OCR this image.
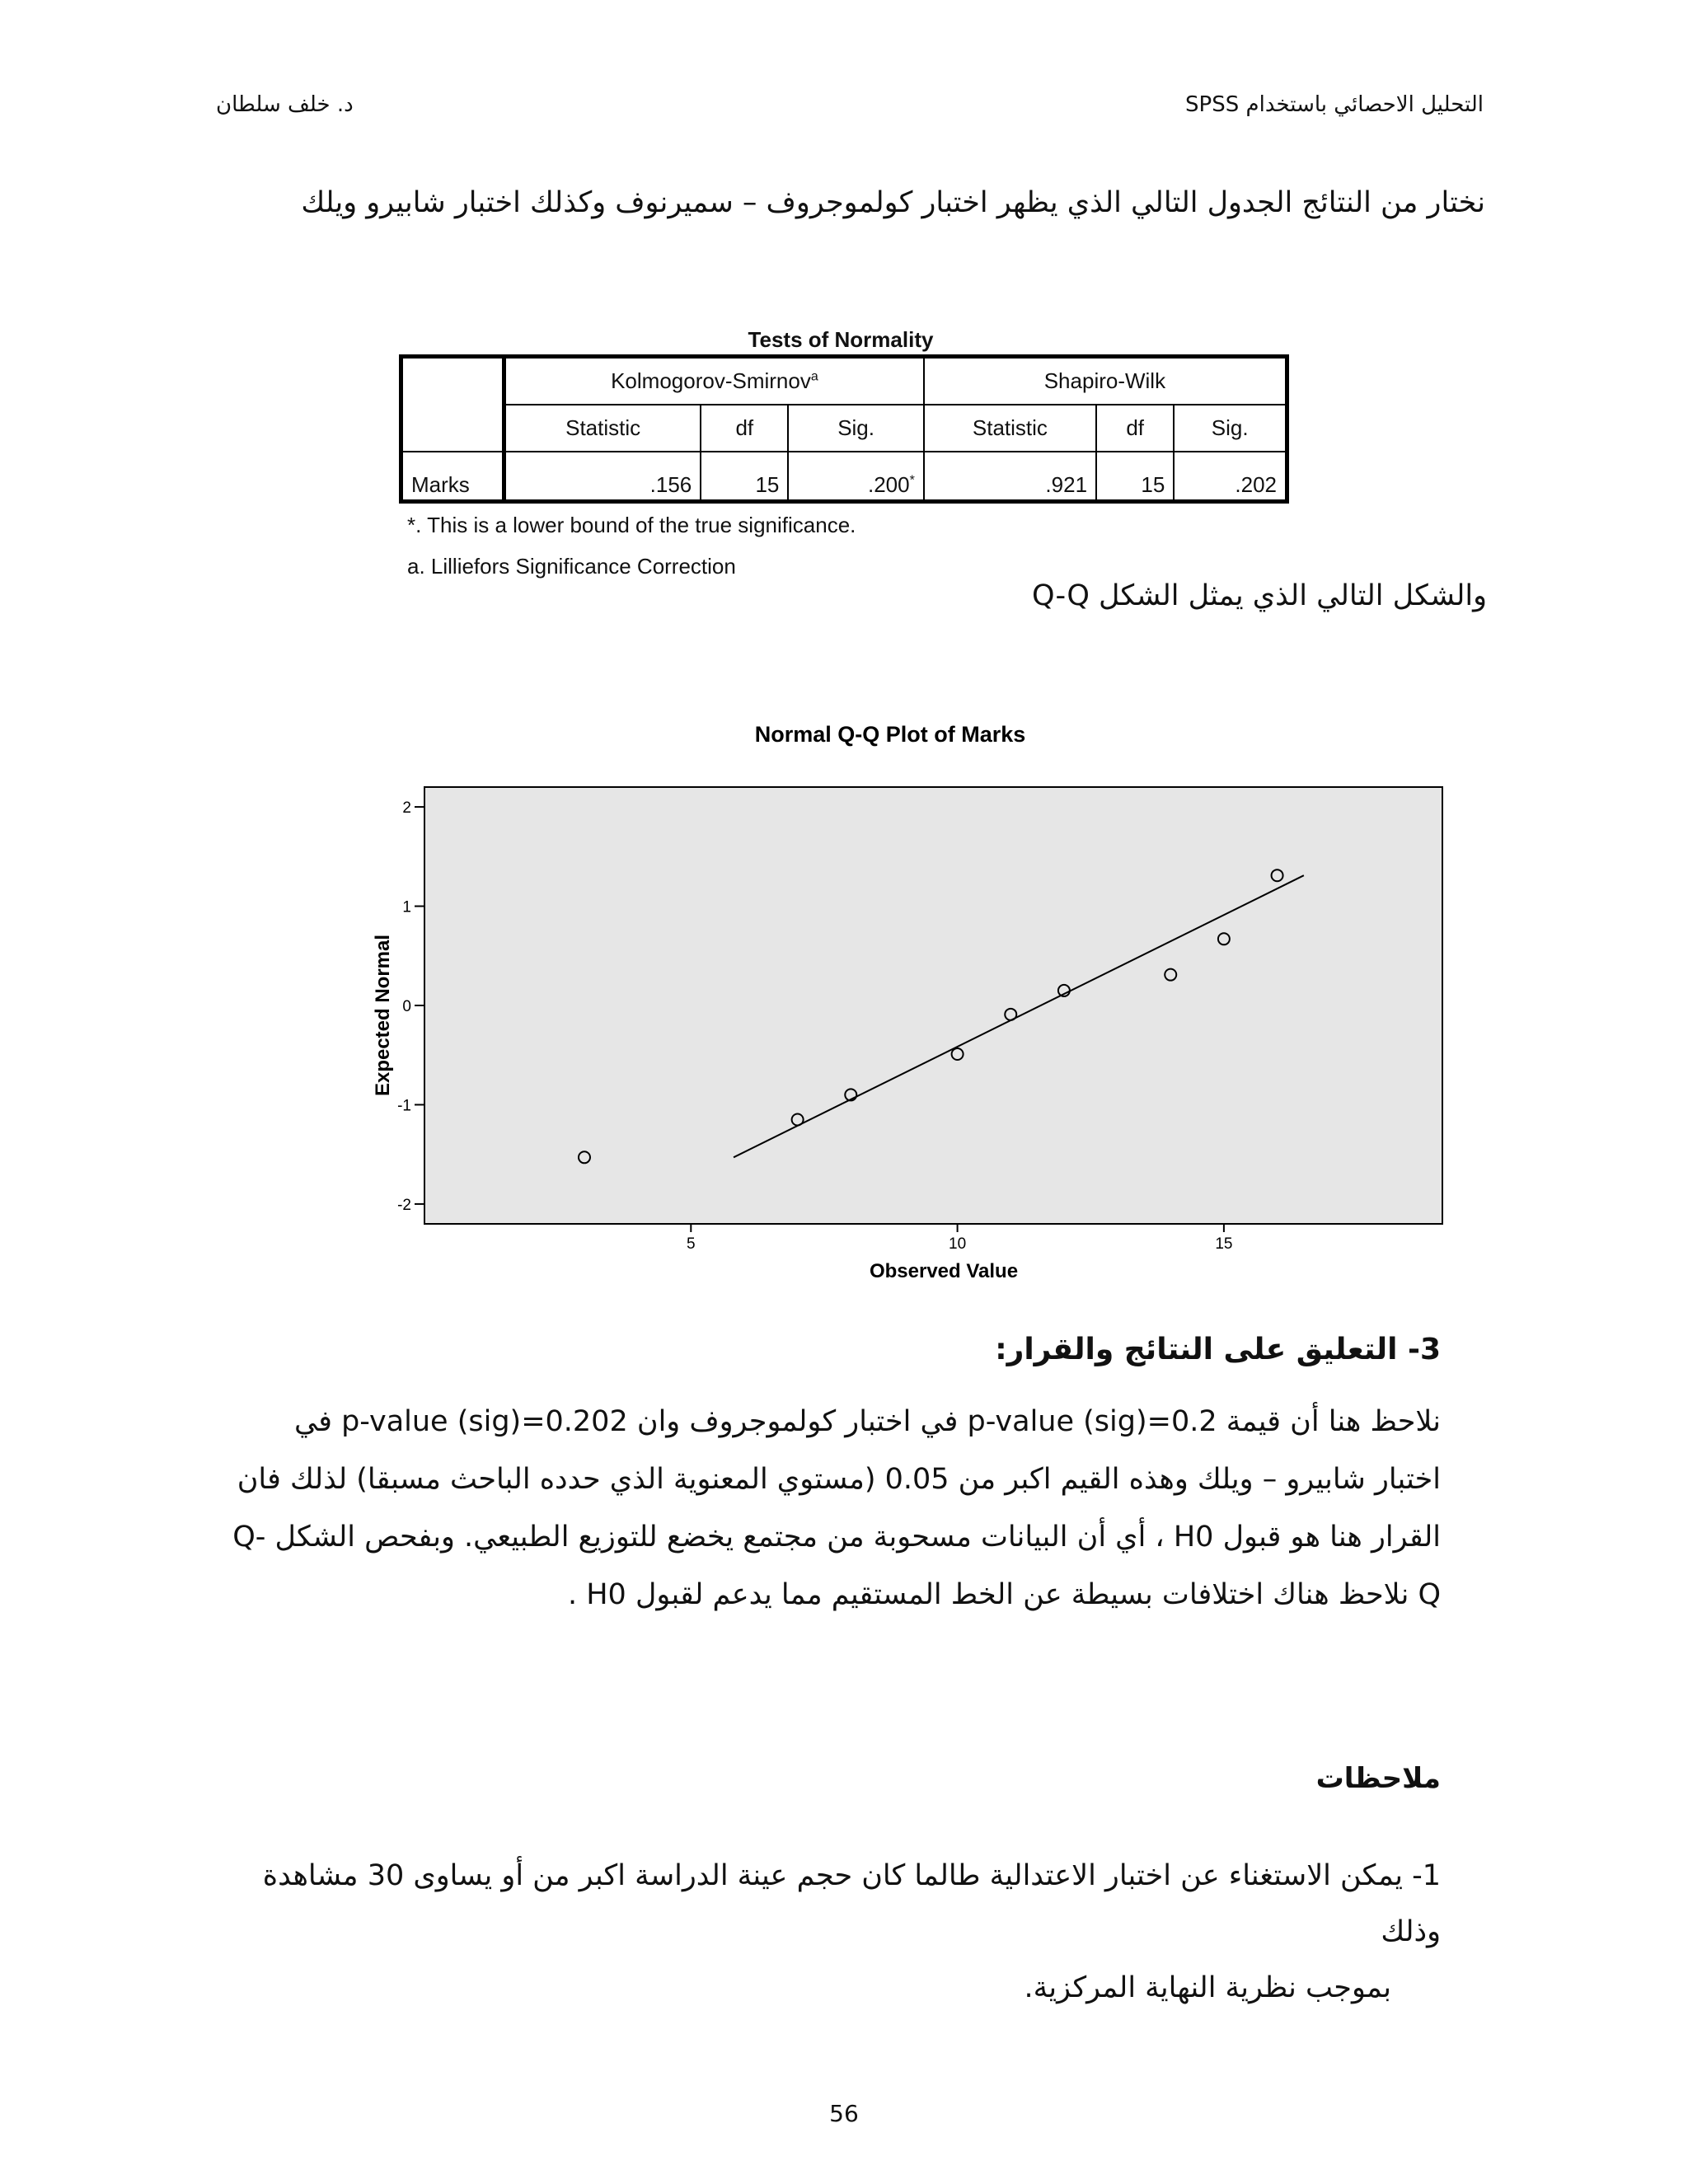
التحليل الاحصائي باستخدام SPSS
د. خلف سلطان
نختار من النتائج الجدول التالي الذي يظهر اختبار كولموجروف – سميرنوف وكذلك اختبار شابيرو ويلك
Tests of Normality
	Kolmogorov-Smirnov$^a$			Shapiro-Wilk		
	Statistic	df	Sig.	Statistic	df	Sig.
Marks	.156	15	.200*	.921	15	.202
*. This is a lower bound of the true significance.
a. Lilliefors Significance Correction
والشكل التالي الذي يمثل الشكل Q-Q
Normal Q-Q Plot of Marks
-2
-1
0
1
2
5	10	15
Observed Value
Expected Normal
3- التعليق على النتائج والقرار:
نلاحظ هنا أن قيمة p-value (sig)=0.2 في اختبار كولموجروف وان p-value (sig)=0.202 في
اختبار شابيرو – ويلك وهذه القيم اكبر من 0.05 (مستوي المعنوية الذي حدده الباحث مسبقا) لذلك فان
القرار هنا هو قبول H0 ، أي أن البيانات مسحوبة من مجتمع يخضع للتوزيع الطبيعي. وبفحص الشكل -Q
Q نلاحظ هناك اختلافات بسيطة عن الخط المستقيم مما يدعم لقبول H0 .
ملاحظات
1- يمكن الاستغناء عن اختبار الاعتدالية طالما كان حجم عينة الدراسة اكبر من أو يساوى 30 مشاهدة وذلك
بموجب نظرية النهاية المركزية.
56
